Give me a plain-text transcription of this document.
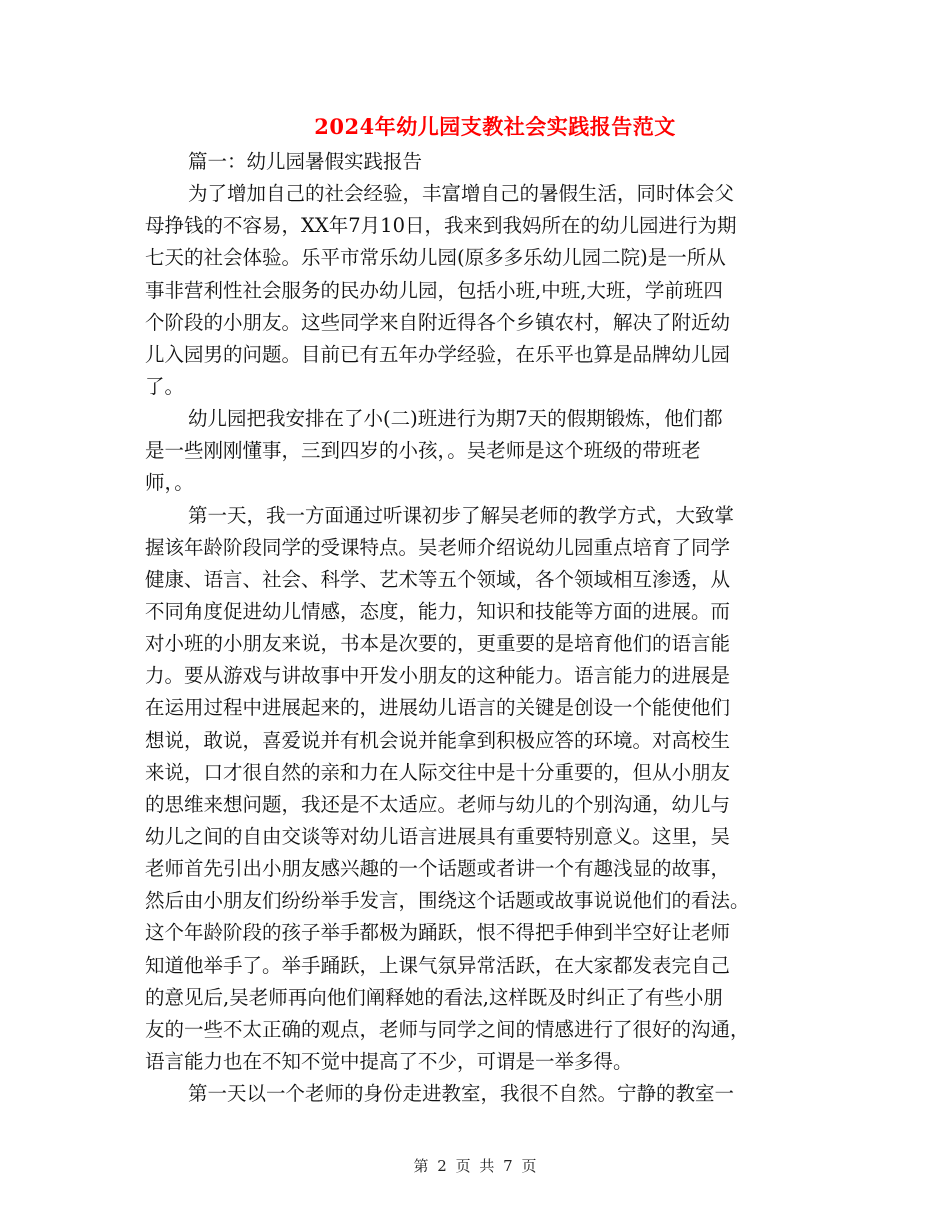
2024年幼儿园支教社会实践报告范文
篇一：幼儿园暑假实践报告
为了增加自己的社会经验，丰富增自己的暑假生活，同时体会父
母挣钱的不容易，XX年7月10日，我来到我妈所在的幼儿园进行为期
七天的社会体验。乐平市常乐幼儿园(原多多乐幼儿园二院)是一所从
事非营利性社会服务的民办幼儿园，包括小班,中班,大班，学前班四
个阶段的小朋友。这些同学来自附近得各个乡镇农村，解决了附近幼
儿入园男的问题。目前已有五年办学经验，在乐平也算是品牌幼儿园
了。
幼儿园把我安排在了小(二)班进行为期7天的假期锻炼，他们都
是一些刚刚懂事，三到四岁的小孩，。吴老师是这个班级的带班老
师，。
第一天，我一方面通过听课初步了解吴老师的教学方式，大致掌
握该年龄阶段同学的受课特点。吴老师介绍说幼儿园重点培育了同学
健康、语言、社会、科学、艺术等五个领域，各个领域相互渗透，从
不同角度促进幼儿情感，态度，能力，知识和技能等方面的进展。而
对小班的小朋友来说，书本是次要的，更重要的是培育他们的语言能
力。要从游戏与讲故事中开发小朋友的这种能力。语言能力的进展是
在运用过程中进展起来的，进展幼儿语言的关键是创设一个能使他们
想说，敢说，喜爱说并有机会说并能拿到积极应答的环境。对高校生
来说，口才很自然的亲和力在人际交往中是十分重要的，但从小朋友
的思维来想问题，我还是不太适应。老师与幼儿的个别沟通，幼儿与
幼儿之间的自由交谈等对幼儿语言进展具有重要特别意义。这里，吴
老师首先引出小朋友感兴趣的一个话题或者讲一个有趣浅显的故事，
然后由小朋友们纷纷举手发言，围绕这个话题或故事说说他们的看法。
这个年龄阶段的孩子举手都极为踊跃，恨不得把手伸到半空好让老师
知道他举手了。举手踊跃，上课气氛异常活跃，在大家都发表完自己
的意见后,吴老师再向他们阐释她的看法,这样既及时纠正了有些小朋
友的一些不太正确的观点，老师与同学之间的情感进行了很好的沟通，
语言能力也在不知不觉中提高了不少，可谓是一举多得。
第一天以一个老师的身份走进教室，我很不自然。宁静的教室一
第 2 页 共 7 页
